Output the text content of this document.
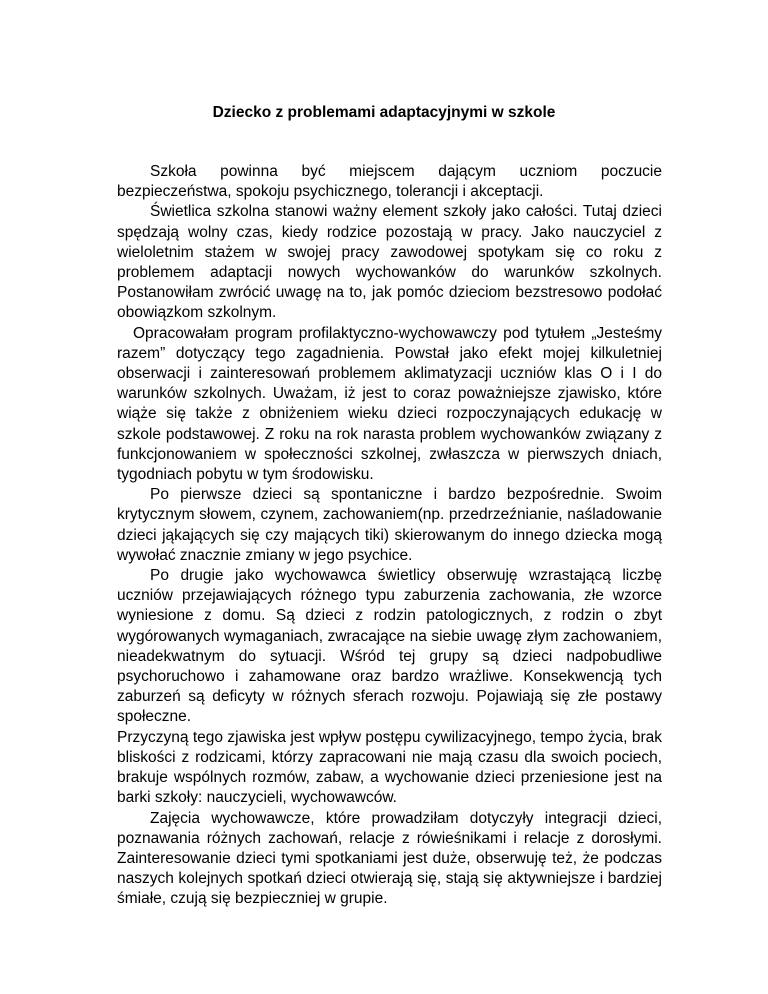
Dziecko z problemami adaptacyjnymi w szkole

Szkoła powinna być miejscem dającym uczniom poczucie bezpieczeństwa, spokoju psychicznego, tolerancji i akceptacji.

Świetlica szkolna stanowi ważny element szkoły jako całości. Tutaj dzieci spędzają wolny czas, kiedy rodzice pozostają w pracy. Jako nauczyciel z wieloletnim stażem w swojej pracy zawodowej spotykam się co roku z problemem adaptacji nowych wychowanków do warunków szkolnych. Postanowiłam zwrócić uwagę na to, jak pomóc dzieciom bezstresowo podołać obowiązkom szkolnym.

Opracowałam program profilaktyczno-wychowawczy pod tytułem „Jesteśmy razem” dotyczący tego zagadnienia. Powstał jako efekt mojej kilkuletniej obserwacji i zainteresowań problemem aklimatyzacji uczniów klas O i I do warunków szkolnych. Uważam, iż jest to coraz poważniejsze zjawisko, które wiąże się także z obniżeniem wieku dzieci rozpoczynających edukację w szkole podstawowej. Z roku na rok narasta problem wychowanków związany z funkcjonowaniem w społeczności szkolnej, zwłaszcza w pierwszych dniach, tygodniach pobytu w tym środowisku.

Po pierwsze dzieci są spontaniczne i bardzo bezpośrednie. Swoim krytycznym słowem, czynem, zachowaniem(np. przedrzeźnianie, naśladowanie dzieci jąkających się czy mających tiki) skierowanym do innego dziecka mogą wywołać znacznie zmiany w jego psychice.

Po drugie jako wychowawca świetlicy obserwuję wzrastającą liczbę uczniów przejawiających różnego typu zaburzenia zachowania, złe wzorce wyniesione z domu. Są dzieci z rodzin patologicznych, z rodzin o zbyt wygórowanych wymaganiach, zwracające na siebie uwagę złym zachowaniem, nieadekwatnym do sytuacji. Wśród tej grupy są dzieci nadpobudliwe psychoruchowo i zahamowane oraz bardzo wrażliwe. Konsekwencją tych zaburzeń są deficyty w różnych sferach rozwoju. Pojawiają się złe postawy społeczne.

Przyczyną tego zjawiska jest wpływ postępu cywilizacyjnego, tempo życia, brak bliskości z rodzicami, którzy zapracowani nie mają czasu dla swoich pociech, brakuje wspólnych rozmów, zabaw, a wychowanie dzieci przeniesione jest na barki szkoły: nauczycieli, wychowawców.

Zajęcia wychowawcze, które prowadziłam dotyczyły integracji dzieci, poznawania różnych zachowań, relacje z rówieśnikami i relacje z dorosłymi. Zainteresowanie dzieci tymi spotkaniami jest duże, obserwuję też, że podczas naszych kolejnych spotkań dzieci otwierają się, stają się aktywniejsze i bardziej śmiałe, czują się bezpieczniej w grupie.
